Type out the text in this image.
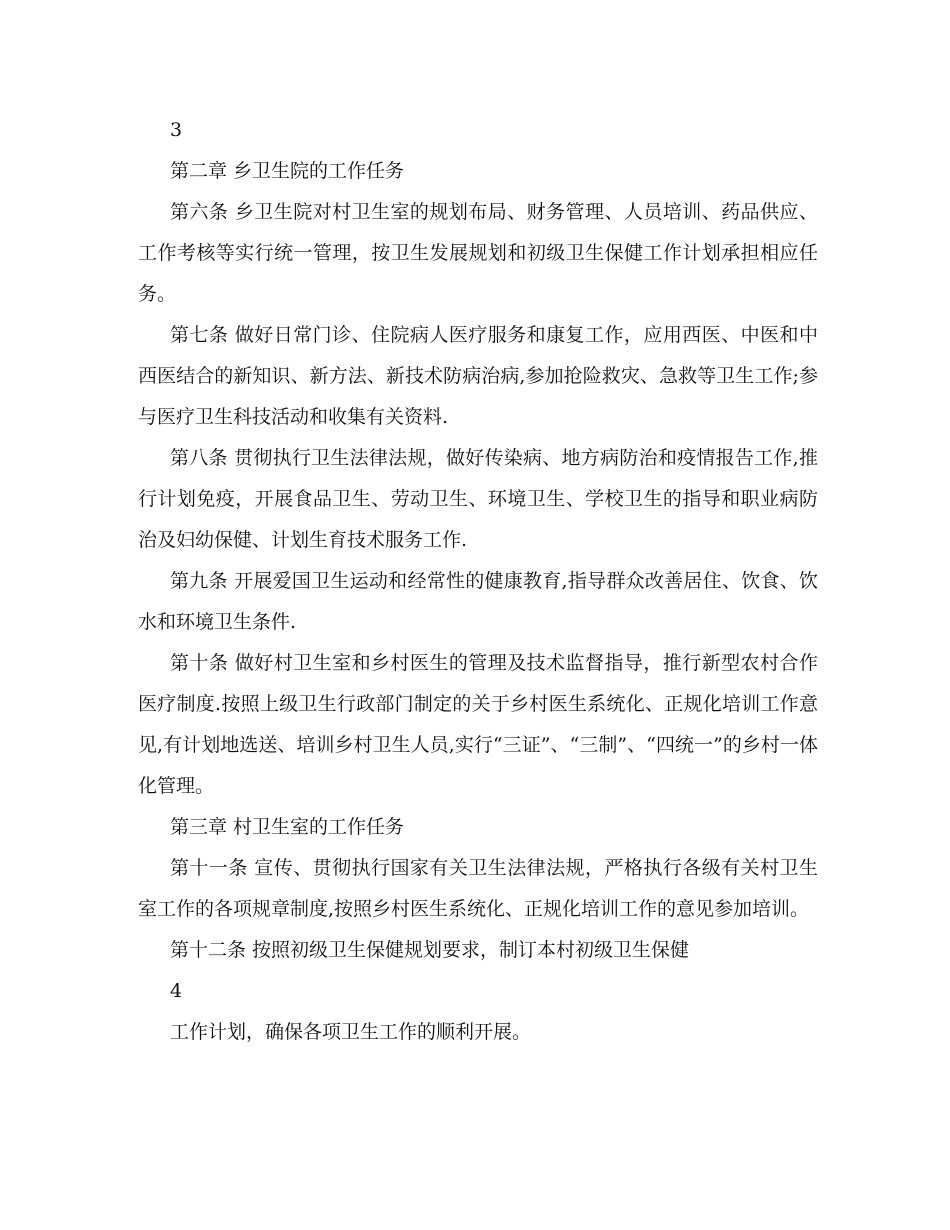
3

第二章 乡卫生院的工作任务

第六条 乡卫生院对村卫生室的规划布局、财务管理、人员培训、药品供应、工作考核等实行统一管理，按卫生发展规划和初级卫生保健工作计划承担相应任务。

第七条 做好日常门诊、住院病人医疗服务和康复工作，应用西医、中医和中西医结合的新知识、新方法、新技术防病治病,参加抢险救灾、急救等卫生工作;参与医疗卫生科技活动和收集有关资料.

第八条 贯彻执行卫生法律法规，做好传染病、地方病防治和疫情报告工作,推行计划免疫，开展食品卫生、劳动卫生、环境卫生、学校卫生的指导和职业病防治及妇幼保健、计划生育技术服务工作.

第九条 开展爱国卫生运动和经常性的健康教育,指导群众改善居住、饮食、饮水和环境卫生条件.

第十条 做好村卫生室和乡村医生的管理及技术监督指导，推行新型农村合作医疗制度.按照上级卫生行政部门制定的关于乡村医生系统化、正规化培训工作意见,有计划地选送、培训乡村卫生人员,实行“三证”、“三制”、“四统一”的乡村一体化管理。

第三章 村卫生室的工作任务

第十一条 宣传、贯彻执行国家有关卫生法律法规，严格执行各级有关村卫生室工作的各项规章制度,按照乡村医生系统化、正规化培训工作的意见参加培训。

第十二条 按照初级卫生保健规划要求，制订本村初级卫生保健

4

工作计划，确保各项卫生工作的顺利开展。
